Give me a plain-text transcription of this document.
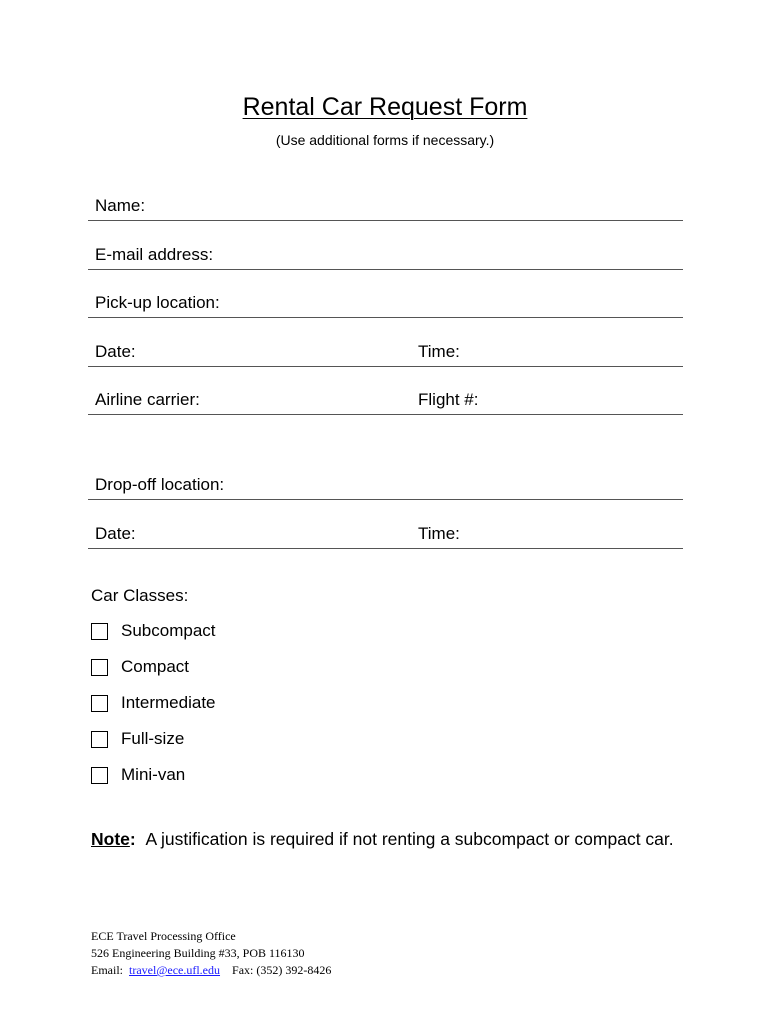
Rental Car Request Form
(Use additional forms if necessary.)
Name:
E-mail address:
Pick-up location:
Date:	Time:
Airline carrier:	Flight #:
Drop-off location:
Date:	Time:
Car Classes:
Subcompact
Compact
Intermediate
Full-size
Mini-van
Note: A justification is required if not renting a subcompact or compact car.
ECE Travel Processing Office
526 Engineering Building #33, POB 116130
Email: travel@ece.ufl.edu Fax: (352) 392-8426
